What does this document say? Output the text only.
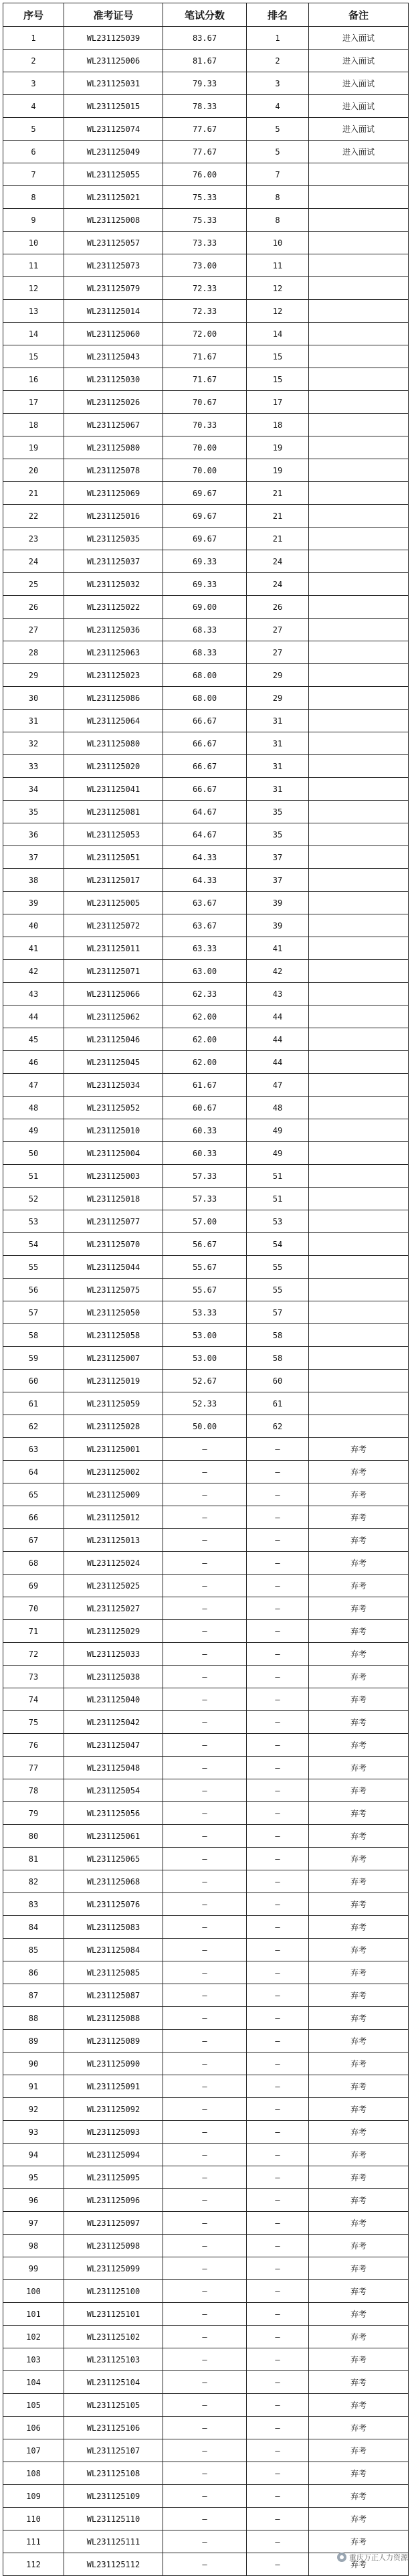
序号	准考证号	笔试分数	排名	备注
1	WL231125039	83.67	1	进入面试
2	WL231125006	81.67	2	进入面试
3	WL231125031	79.33	3	进入面试
4	WL231125015	78.33	4	进入面试
5	WL231125074	77.67	5	进入面试
6	WL231125049	77.67	5	进入面试
7	WL231125055	76.00	7	
8	WL231125021	75.33	8	
9	WL231125008	75.33	8	
10	WL231125057	73.33	10	
11	WL231125073	73.00	11	
12	WL231125079	72.33	12	
13	WL231125014	72.33	12	
14	WL231125060	72.00	14	
15	WL231125043	71.67	15	
16	WL231125030	71.67	15	
17	WL231125026	70.67	17	
18	WL231125067	70.33	18	
19	WL231125080	70.00	19	
20	WL231125078	70.00	19	
21	WL231125069	69.67	21	
22	WL231125016	69.67	21	
23	WL231125035	69.67	21	
24	WL231125037	69.33	24	
25	WL231125032	69.33	24	
26	WL231125022	69.00	26	
27	WL231125036	68.33	27	
28	WL231125063	68.33	27	
29	WL231125023	68.00	29	
30	WL231125086	68.00	29	
31	WL231125064	66.67	31	
32	WL231125080	66.67	31	
33	WL231125020	66.67	31	
34	WL231125041	66.67	31	
35	WL231125081	64.67	35	
36	WL231125053	64.67	35	
37	WL231125051	64.33	37	
38	WL231125017	64.33	37	
39	WL231125005	63.67	39	
40	WL231125072	63.67	39	
41	WL231125011	63.33	41	
42	WL231125071	63.00	42	
43	WL231125066	62.33	43	
44	WL231125062	62.00	44	
45	WL231125046	62.00	44	
46	WL231125045	62.00	44	
47	WL231125034	61.67	47	
48	WL231125052	60.67	48	
49	WL231125010	60.33	49	
50	WL231125004	60.33	49	
51	WL231125003	57.33	51	
52	WL231125018	57.33	51	
53	WL231125077	57.00	53	
54	WL231125070	56.67	54	
55	WL231125044	55.67	55	
56	WL231125075	55.67	55	
57	WL231125050	53.33	57	
58	WL231125058	53.00	58	
59	WL231125007	53.00	58	
60	WL231125019	52.67	60	
61	WL231125059	52.33	61	
62	WL231125028	50.00	62	
63	WL231125001	–	–	弃考
64	WL231125002	–	–	弃考
65	WL231125009	–	–	弃考
66	WL231125012	–	–	弃考
67	WL231125013	–	–	弃考
68	WL231125024	–	–	弃考
69	WL231125025	–	–	弃考
70	WL231125027	–	–	弃考
71	WL231125029	–	–	弃考
72	WL231125033	–	–	弃考
73	WL231125038	–	–	弃考
74	WL231125040	–	–	弃考
75	WL231125042	–	–	弃考
76	WL231125047	–	–	弃考
77	WL231125048	–	–	弃考
78	WL231125054	–	–	弃考
79	WL231125056	–	–	弃考
80	WL231125061	–	–	弃考
81	WL231125065	–	–	弃考
82	WL231125068	–	–	弃考
83	WL231125076	–	–	弃考
84	WL231125083	–	–	弃考
85	WL231125084	–	–	弃考
86	WL231125085	–	–	弃考
87	WL231125087	–	–	弃考
88	WL231125088	–	–	弃考
89	WL231125089	–	–	弃考
90	WL231125090	–	–	弃考
91	WL231125091	–	–	弃考
92	WL231125092	–	–	弃考
93	WL231125093	–	–	弃考
94	WL231125094	–	–	弃考
95	WL231125095	–	–	弃考
96	WL231125096	–	–	弃考
97	WL231125097	–	–	弃考
98	WL231125098	–	–	弃考
99	WL231125099	–	–	弃考
100	WL231125100	–	–	弃考
101	WL231125101	–	–	弃考
102	WL231125102	–	–	弃考
103	WL231125103	–	–	弃考
104	WL231125104	–	–	弃考
105	WL231125105	–	–	弃考
106	WL231125106	–	–	弃考
107	WL231125107	–	–	弃考
108	WL231125108	–	–	弃考
109	WL231125109	–	–	弃考
110	WL231125110	–	–	弃考
111	WL231125111	–	–	弃考
112	WL231125112	–	–	弃考
重庆万正人力资源
